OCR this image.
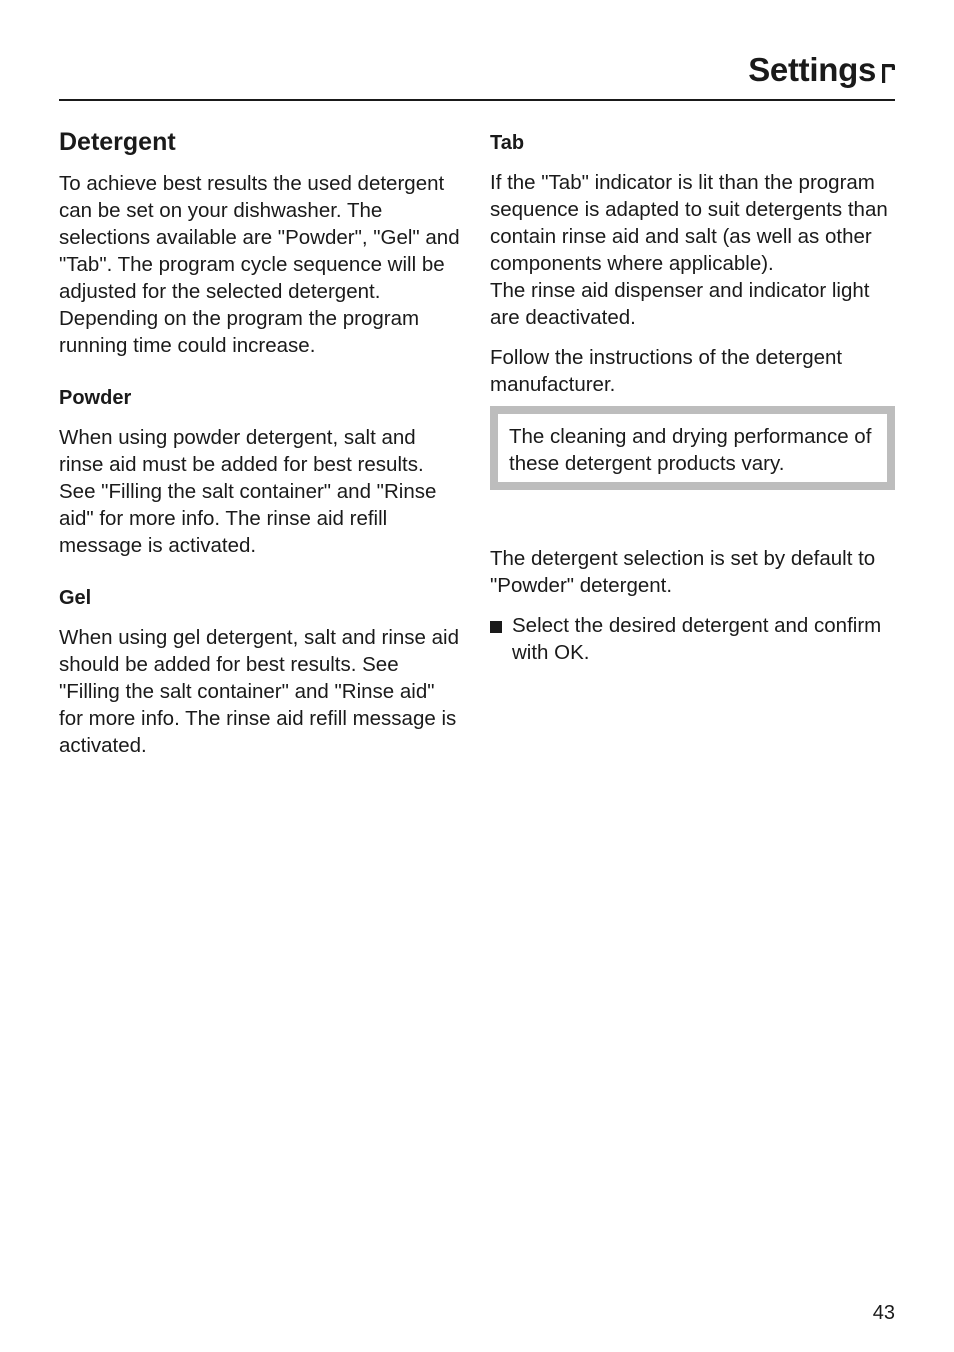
Settings
Detergent

To achieve best results the used detergent can be set on your dishwasher. The selections available are "Powder", "Gel" and "Tab". The program cycle sequence will be adjusted for the selected detergent. Depending on the program the program running time could increase.

Powder

When using powder detergent, salt and rinse aid must be added for best results. See "Filling the salt container" and "Rinse aid" for more info. The rinse aid refill message is activated.

Gel

When using gel detergent, salt and rinse aid should be added for best results. See "Filling the salt container" and "Rinse aid" for more info. The rinse aid refill message is activated.

Tab

If the "Tab" indicator is lit than the program sequence is adapted to suit detergents than contain rinse aid and salt (as well as other components where applicable).

The rinse aid dispenser and indicator light are deactivated.

Follow the instructions of the detergent manufacturer.

The cleaning and drying performance of these detergent products vary.

The detergent selection is set by default to "Powder" detergent.

Select the desired detergent and confirm with OK.
43
